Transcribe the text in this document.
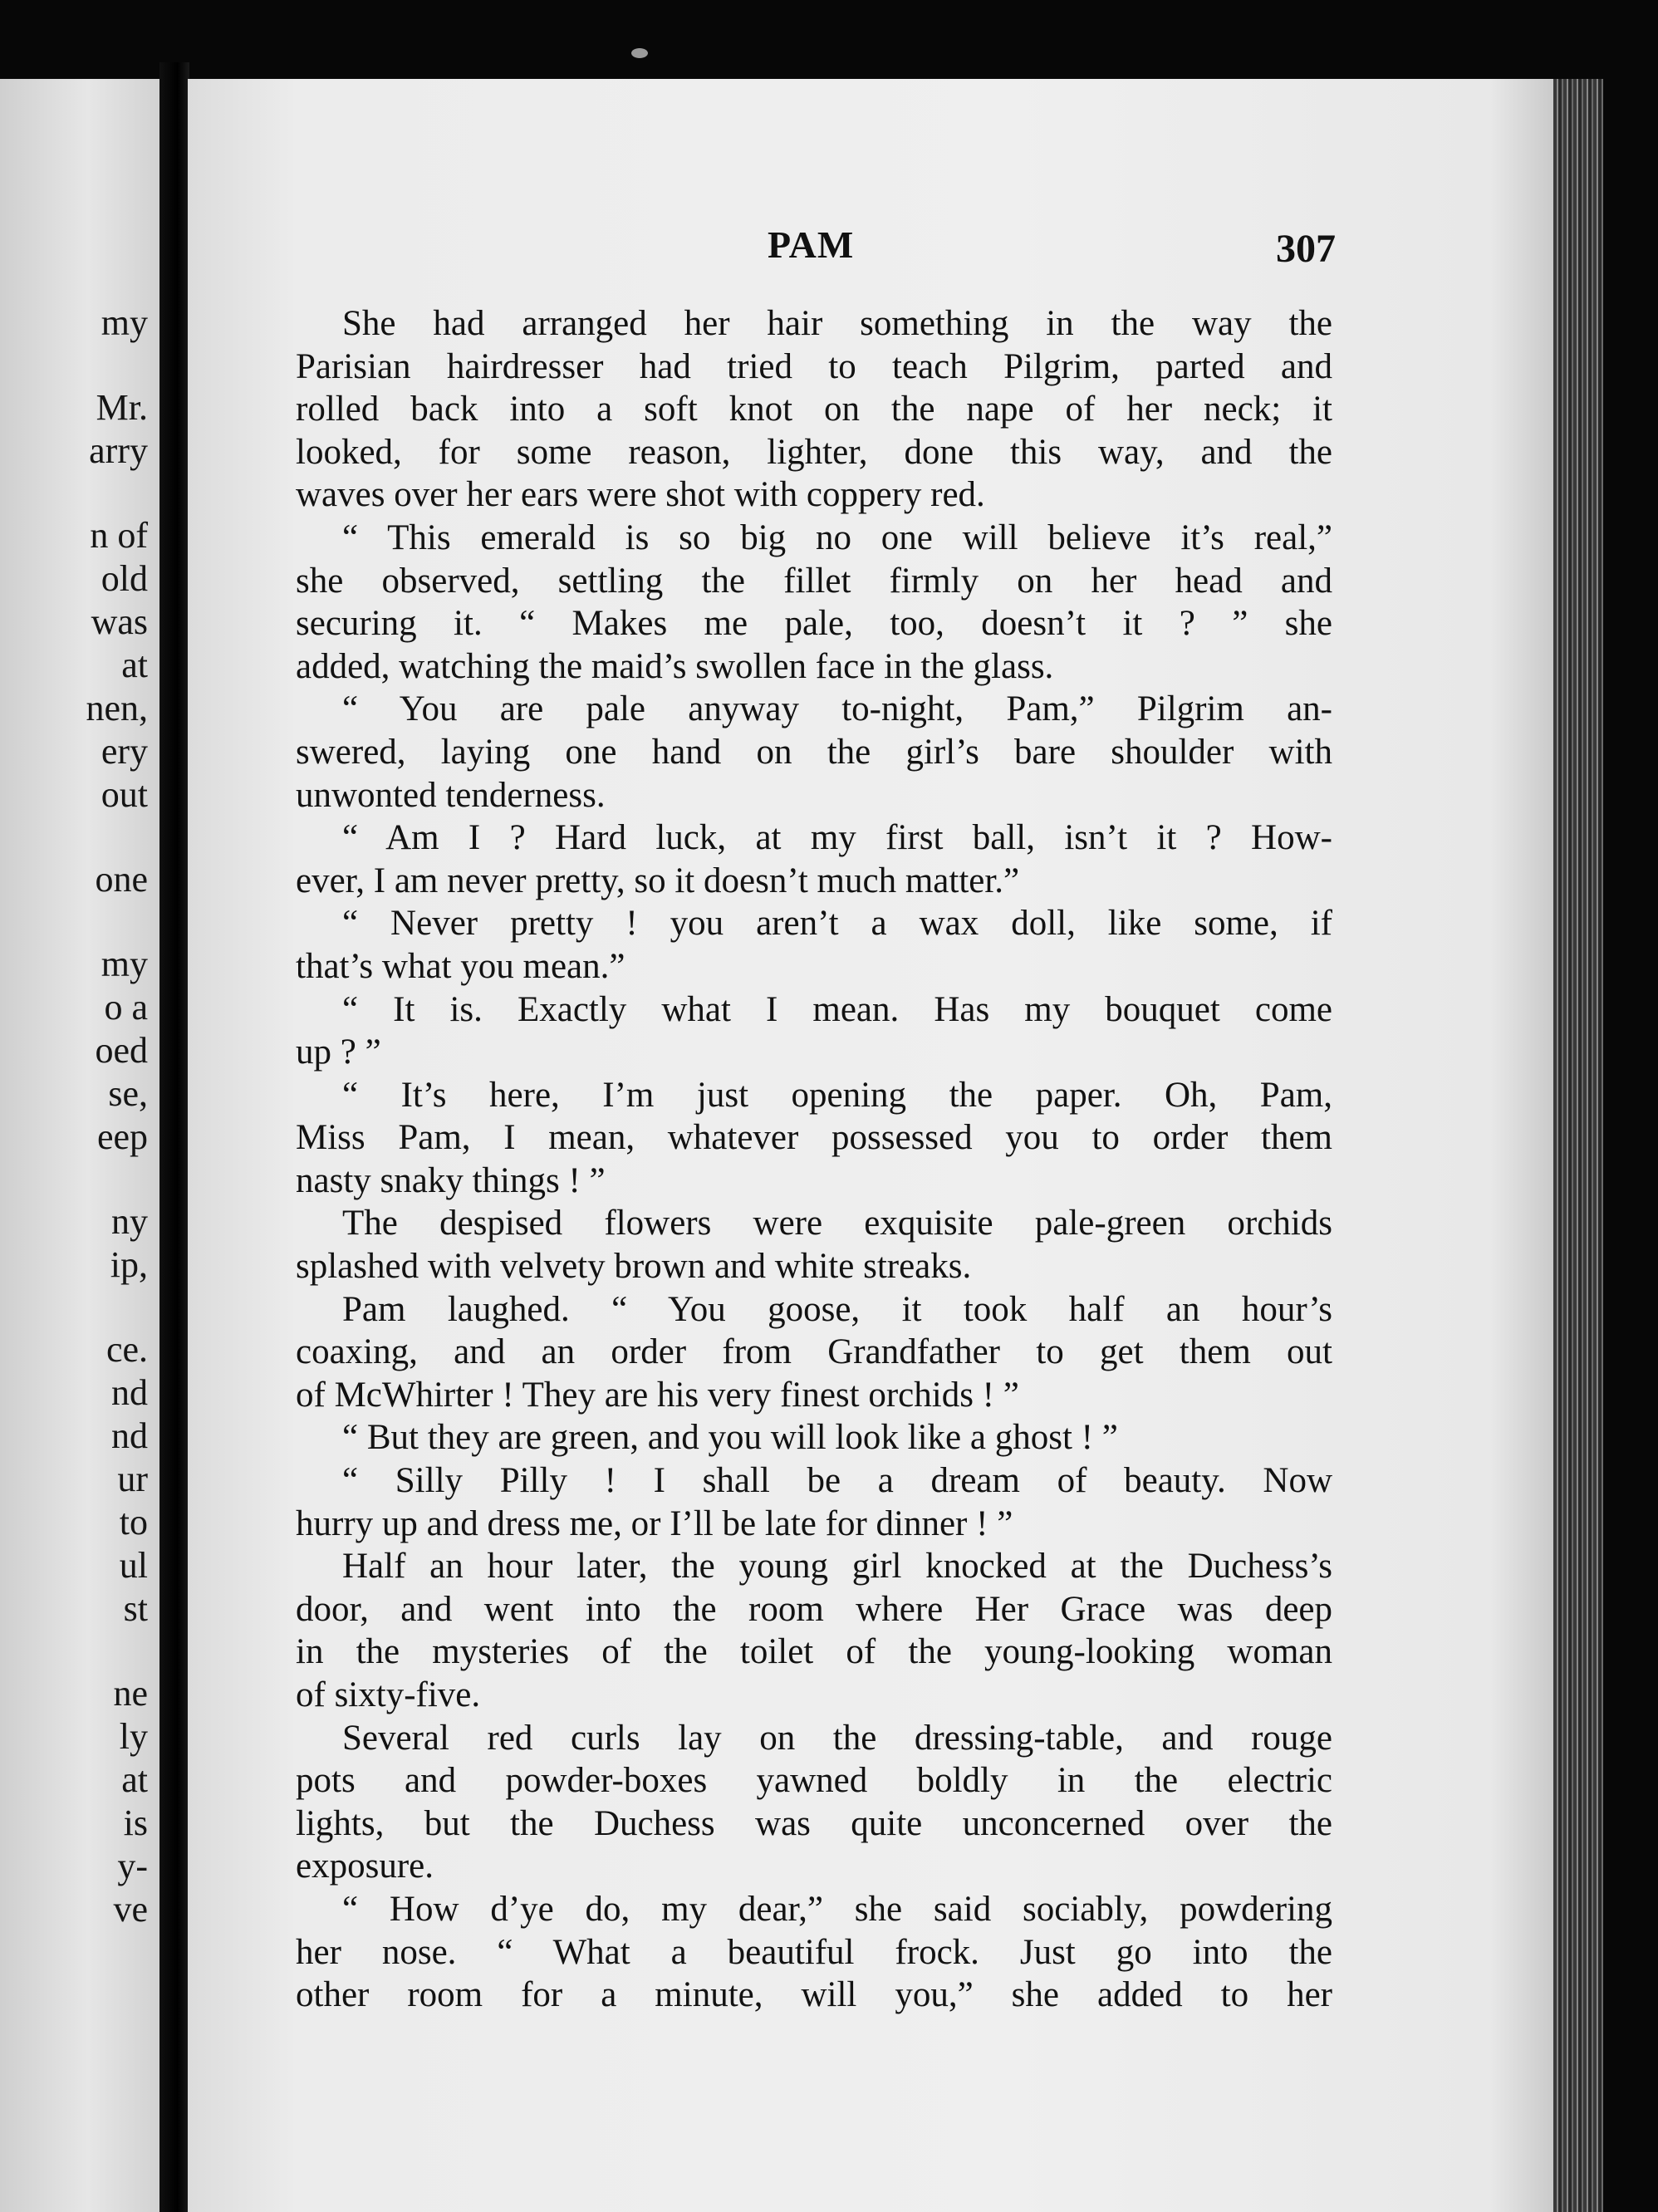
my
Mr.
arry
n of
old
was
at
nen,
ery
out
one
my
o a
oed
se,
eep
ny
ip,
ce.
nd
nd
ur
to
ul
st
ne
ly
at
is
y-
ve
PAM	307
She had arranged her hair something in the way the
Parisian hairdresser had tried to teach Pilgrim, parted and
rolled back into a soft knot on the nape of her neck; it
looked, for some reason, lighter, done this way, and the
waves over her ears were shot with coppery red.
“ This emerald is so big no one will believe it’s real,”
she observed, settling the fillet firmly on her head and
securing it. “ Makes me pale, too, doesn’t it ? ” she
added, watching the maid’s swollen face in the glass.
“ You are pale anyway to-night, Pam,” Pilgrim an-
swered, laying one hand on the girl’s bare shoulder with
unwonted tenderness.
“ Am I ? Hard luck, at my first ball, isn’t it ? How-
ever, I am never pretty, so it doesn’t much matter.”
“ Never pretty ! you aren’t a wax doll, like some, if
that’s what you mean.”
“ It is. Exactly what I mean. Has my bouquet come
up ? ”
“ It’s here, I’m just opening the paper. Oh, Pam,
Miss Pam, I mean, whatever possessed you to order them
nasty snaky things ! ”
The despised flowers were exquisite pale-green orchids
splashed with velvety brown and white streaks.
Pam laughed. “ You goose, it took half an hour’s
coaxing, and an order from Grandfather to get them out
of McWhirter ! They are his very finest orchids ! ”
“ But they are green, and you will look like a ghost ! ”
“ Silly Pilly ! I shall be a dream of beauty. Now
hurry up and dress me, or I’ll be late for dinner ! ”
Half an hour later, the young girl knocked at the Duchess’s
door, and went into the room where Her Grace was deep
in the mysteries of the toilet of the young-looking woman
of sixty-five.
Several red curls lay on the dressing-table, and rouge
pots and powder-boxes yawned boldly in the electric
lights, but the Duchess was quite unconcerned over the
exposure.
“ How d’ye do, my dear,” she said sociably, powdering
her nose. “ What a beautiful frock. Just go into the
other room for a minute, will you,” she added to her
